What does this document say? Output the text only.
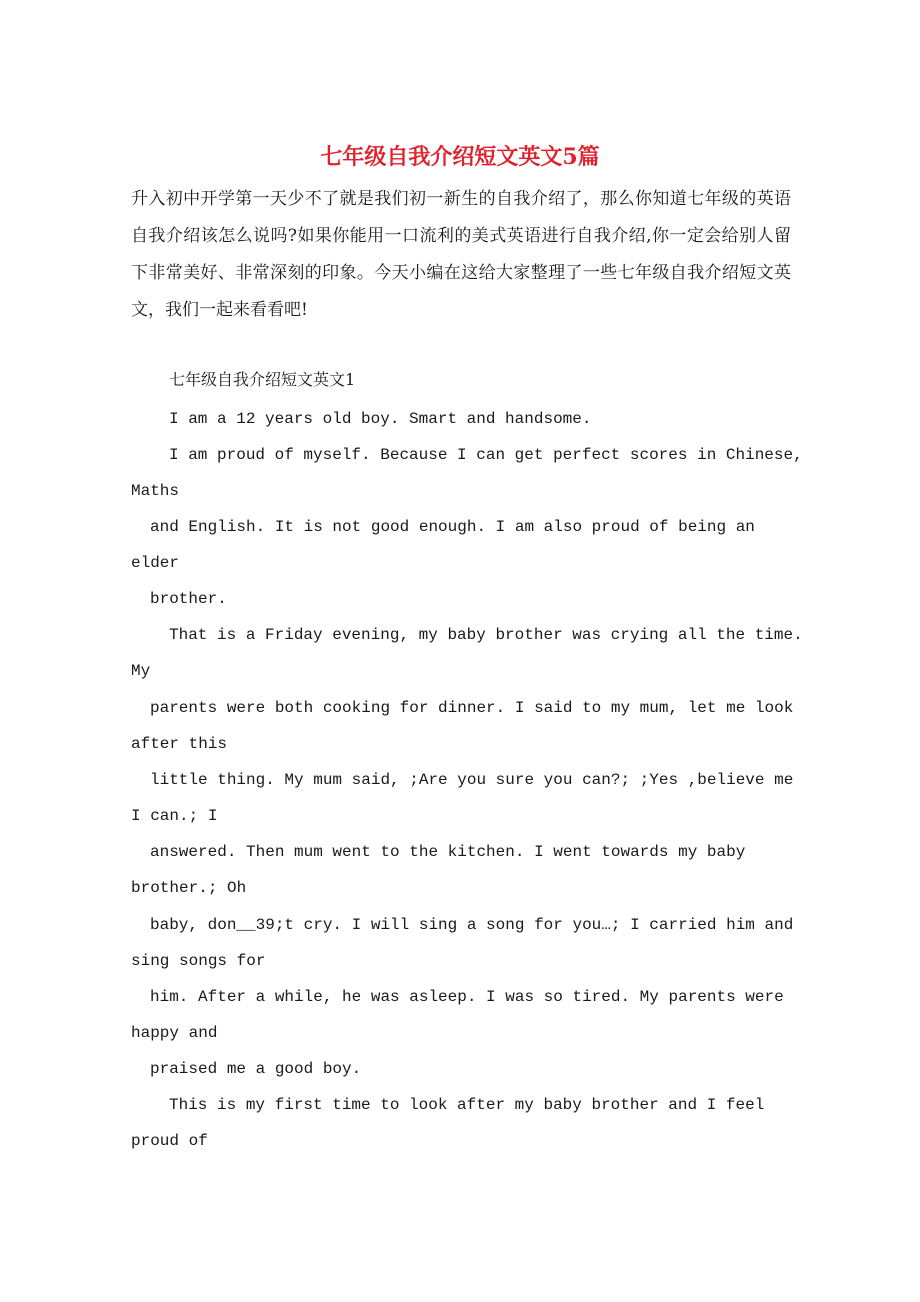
七年级自我介绍短文英文5篇

升入初中开学第一天少不了就是我们初一新生的自我介绍了，那么你知道七年级的英语自我介绍该怎么说吗?如果你能用一口流利的美式英语进行自我介绍,你一定会给别人留下非常美好、非常深刻的印象。今天小编在这给大家整理了一些七年级自我介绍短文英文，我们一起来看看吧!

七年级自我介绍短文英文1

I am a 12 years old boy. Smart and handsome.

I am proud of myself. Because I can get perfect scores in Chinese,

Maths

and English. It is not good enough. I am also proud of being an

elder

brother.

That is a Friday evening, my baby brother was crying all the time.

My

parents were both cooking for dinner. I said to my mum, let me look

after this

little thing. My mum said, ;Are you sure you can?; ;Yes ,believe me

I can.; I

answered. Then mum went to the kitchen. I went towards my baby

brother.; Oh

baby, don__39;t cry. I will sing a song for you…; I carried him and

sing songs for

him. After a while, he was asleep. I was so tired. My parents were

happy and

praised me a good boy.

This is my first time to look after my baby brother and I feel

proud of
